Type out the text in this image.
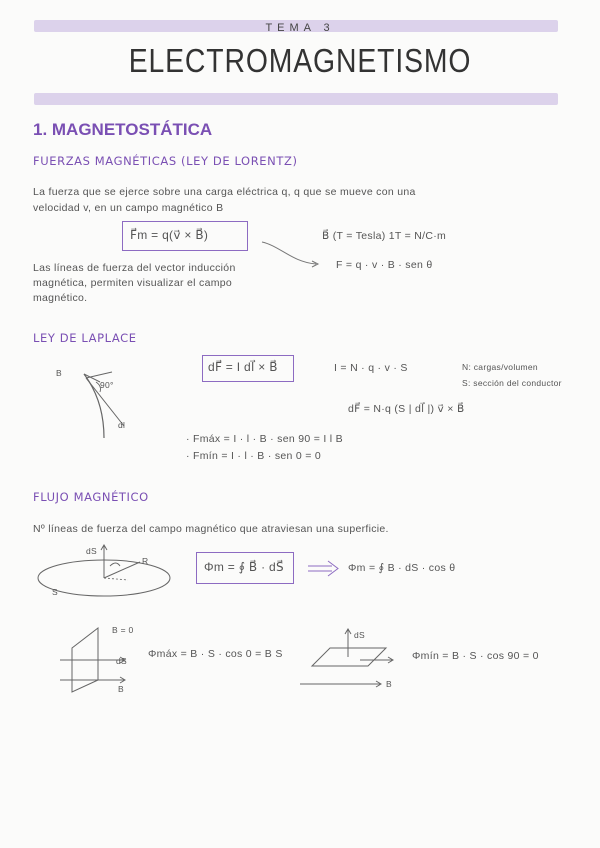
TEMA 3
ELECTROMAGNETISMO
1. MAGNETOSTÁTICA
FUERZAS MAGNÉTICAS (LEY DE LORENTZ)
La fuerza que se ejerce sobre una carga eléctrica q, q que se mueve con una
velocidad v, en un campo magnético B
F⃗m = q(v⃗ × B⃗)	B⃗ (T = Tesla) 1T = N/C·m
F = q · v · B · sen θ
Las líneas de fuerza del vector inducción
magnética, permiten visualizar el campo
magnético.
LEY DE LAPLACE
B
90°
dl
dF⃗ = I dl⃗ × B⃗	I = N · q · v · S	N: cargas/volumen
S: sección del conductor
dF⃗ = N·q (S | dl⃗ |) v⃗ × B⃗
· Fmáx = I · l · B · sen 90 = I l B
· Fmín = I · l · B · sen 0 = 0
FLUJO MAGNÉTICO
Nº líneas de fuerza del campo magnético que atraviesan una superficie.
dS
R
S
Φm = ∮ B⃗ · dS⃗	Φm = ∮ B · dS · cos θ
B = 0
dS
B
Φmáx = B · S · cos 0 = B S
dS
B
Φmín = B · S · cos 90 = 0
